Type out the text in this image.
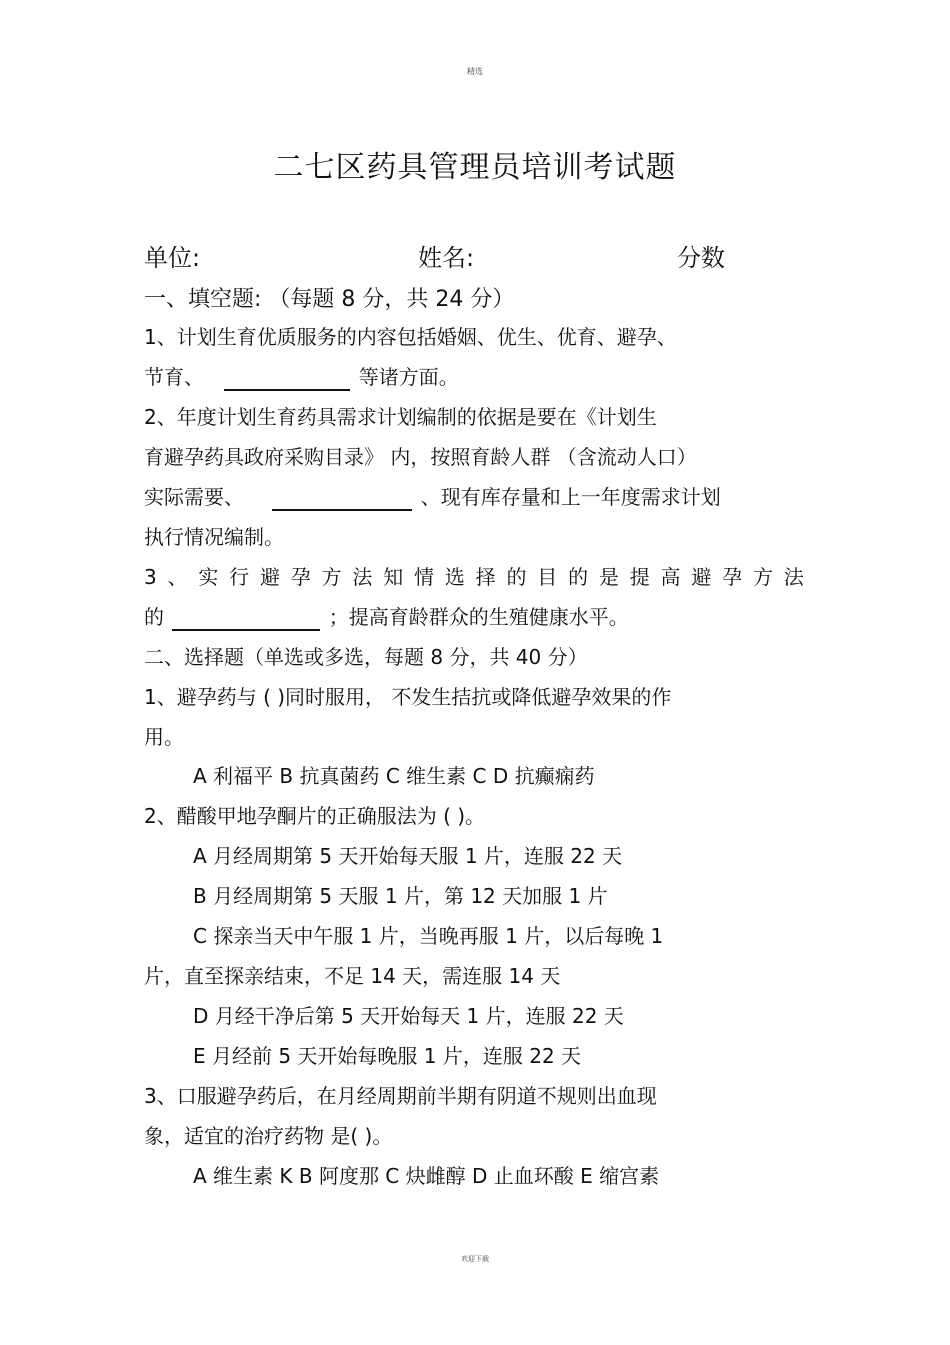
精选
二七区药具管理员培训考试题
单位:	姓名:	分数
一、填空题: （每题 8 分，共 24 分）
1、计划生育优质服务的内容包括婚姻、优生、优育、避孕、
节育、	等诸方面。
2、年度计划生育药具需求计划编制的依据是要在《计划生
育避孕药具政府采购目录》 内，按照育龄人群 （含流动人口）
实际需要、	、现有库存量和上一年度需求计划
执行情况编制。
3 、 实 行 避 孕 方 法 知 情 选 择 的 目 的 是 提 高 避 孕 方 法
的	；提高育龄群众的生殖健康水平。
二、选择题（单选或多选，每题 8 分，共 40 分）
1、避孕药与 ( )同时服用， 不发生拮抗或降低避孕效果的作
用。
A 利福平 B 抗真菌药 C 维生素 C D 抗癫痫药
2、醋酸甲地孕酮片的正确服法为 ( )。
A 月经周期第 5 天开始每天服 1 片，连服 22 天
B 月经周期第 5 天服 1 片，第 12 天加服 1 片
C 探亲当天中午服 1 片，当晚再服 1 片，以后每晚 1
片，直至探亲结束，不足 14 天，需连服 14 天
D 月经干净后第 5 天开始每天 1 片，连服 22 天
E 月经前 5 天开始每晚服 1 片，连服 22 天
3、口服避孕药后，在月经周期前半期有阴道不规则出血现
象，适宜的治疗药物 是( )。
A 维生素 K B 阿度那 C 炔雌醇 D 止血环酸 E 缩宫素
欢迎下载
